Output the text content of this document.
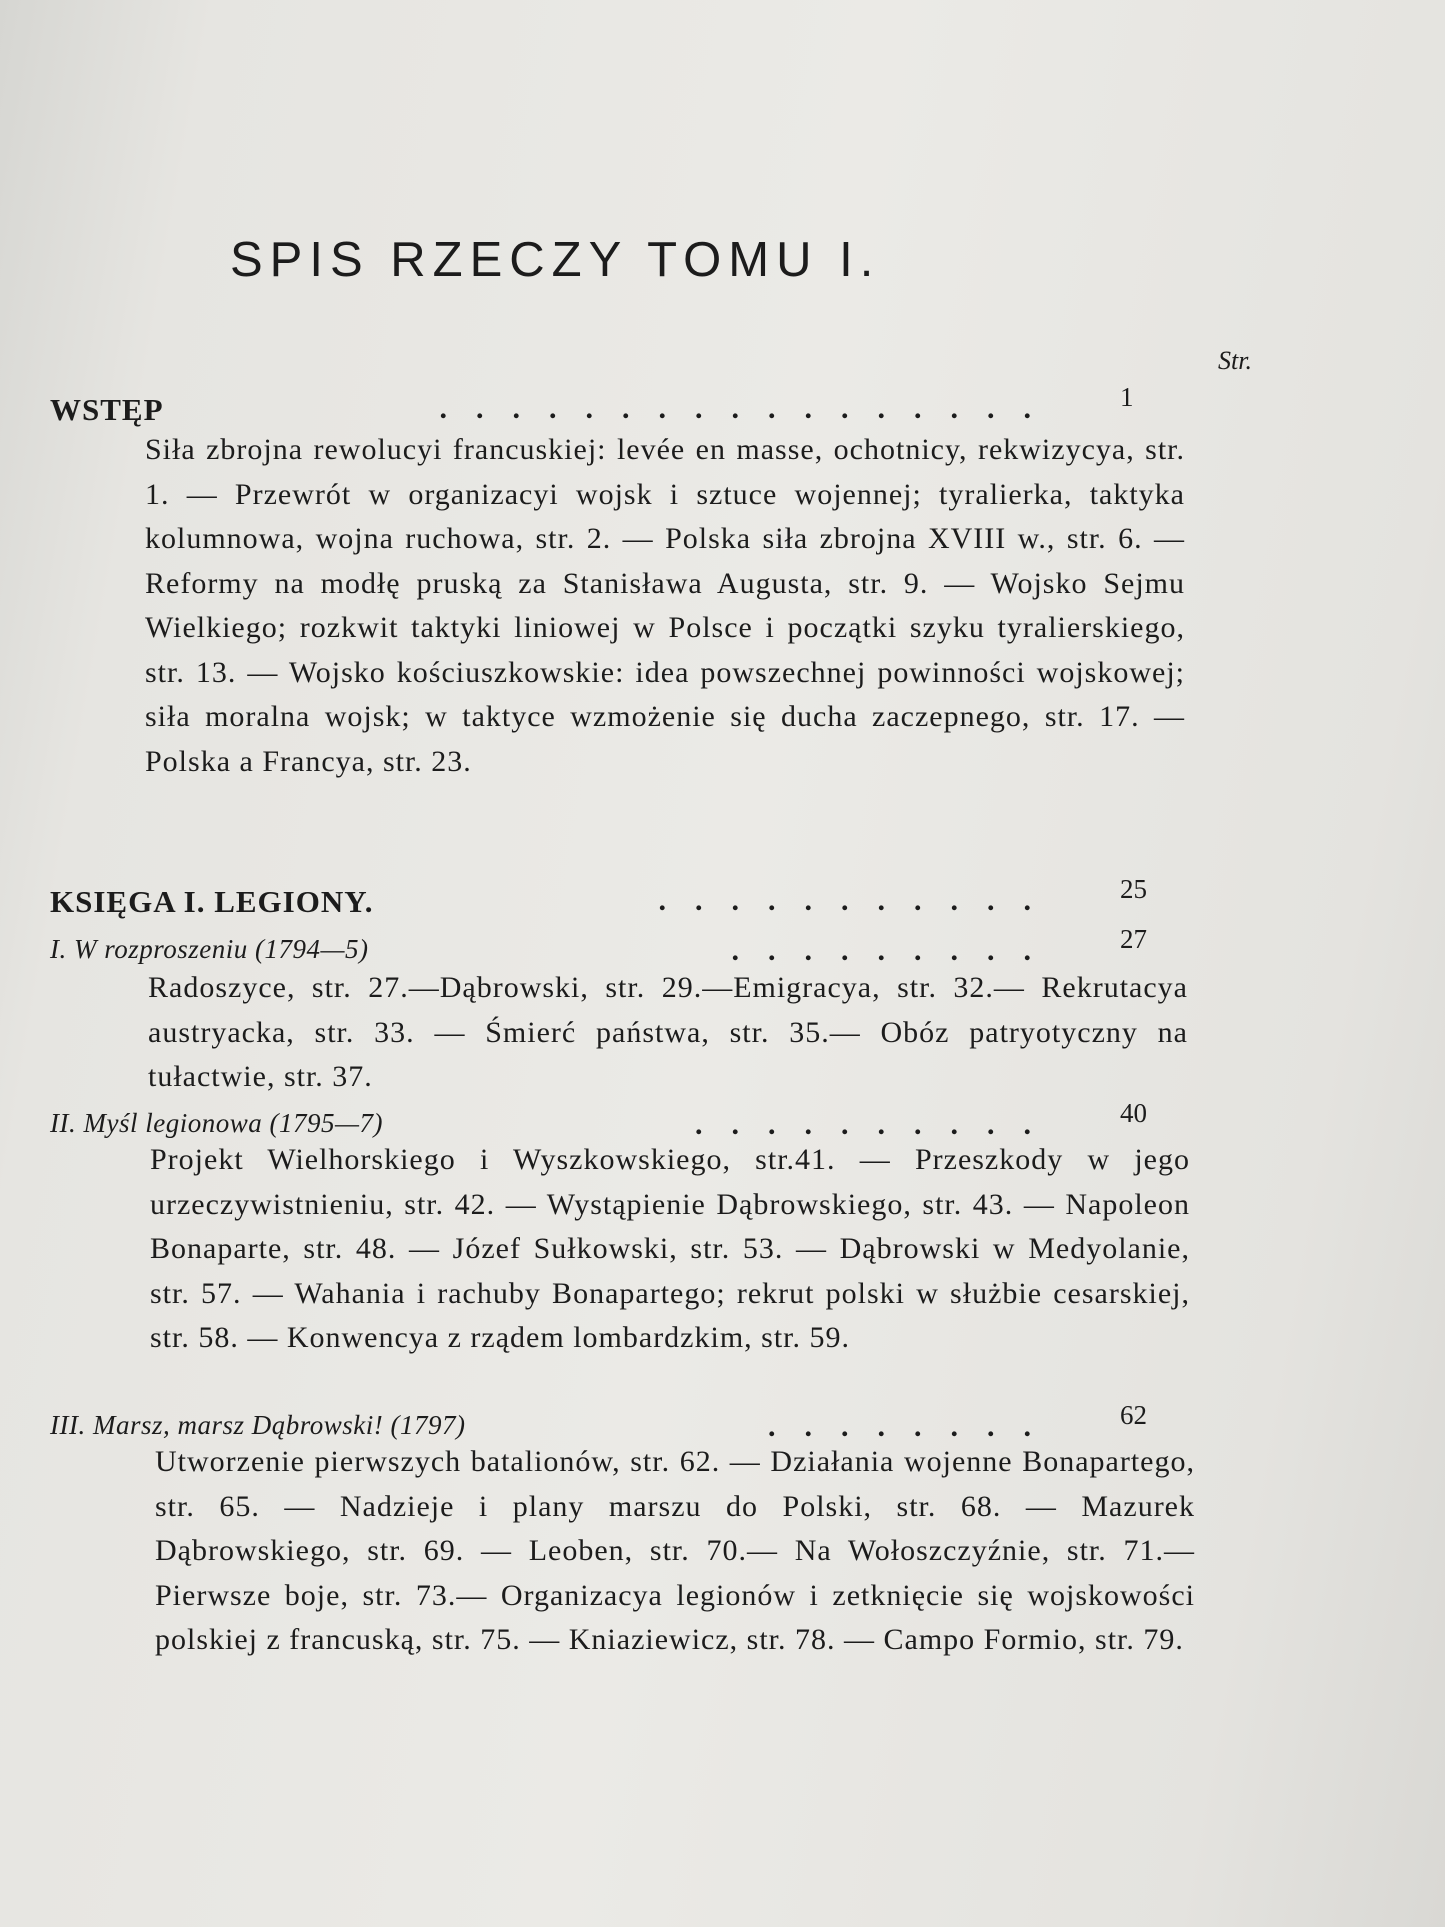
SPIS RZECZY TOMU I.
Str.
WSTĘP	................. 1
Siła zbrojna rewolucyi francuskiej: levée en masse, ochotnicy, rekwizycya, str. 1. — Przewrót w organizacyi wojsk i sztuce wojennej; tyralierka, taktyka kolumnowa, wojna ruchowa, str. 2. — Polska siła zbrojna XVIII w., str. 6. — Reformy na modłę pruską za Stanisława Augusta, str. 9. — Wojsko Sejmu Wielkiego; rozkwit taktyki liniowej w Polsce i początki szyku tyralierskiego, str. 13. — Wojsko kościuszkowskie: idea powszechnej powinności wojskowej; siła moralna wojsk; w taktyce wzmożenie się ducha zaczepnego, str. 17. — Polska a Francya, str. 23.
KSIĘGA I. LEGIONY.	........... 25
I. W rozproszeniu (1794—5)	......... 27
Radoszyce, str. 27.—Dąbrowski, str. 29.—Emigracya, str. 32.— Rekrutacya austryacka, str. 33. — Śmierć państwa, str. 35.— Obóz patryotyczny na tułactwie, str. 37.
II. Myśl legionowa (1795—7)	.......... 40
Projekt Wielhorskiego i Wyszkowskiego, str.41. — Przeszkody w jego urzeczywistnieniu, str. 42. — Wystąpienie Dąbrowskiego, str. 43. — Napoleon Bonaparte, str. 48. — Józef Sułkowski, str. 53. — Dąbrowski w Medyolanie, str. 57. — Wahania i rachuby Bonapartego; rekrut polski w służbie cesarskiej, str. 58. — Konwencya z rządem lombardzkim, str. 59.
III. Marsz, marsz Dąbrowski! (1797)	........ 62
Utworzenie pierwszych batalionów, str. 62. — Działania wojenne Bonapartego, str. 65. — Nadzieje i plany marszu do Polski, str. 68. — Mazurek Dąbrowskiego, str. 69. — Leoben, str. 70.— Na Wołoszczyźnie, str. 71.—Pierwsze boje, str. 73.— Organizacya legionów i zetknięcie się wojskowości polskiej z francuską, str. 75. — Kniaziewicz, str. 78. — Campo Formio, str. 79.
